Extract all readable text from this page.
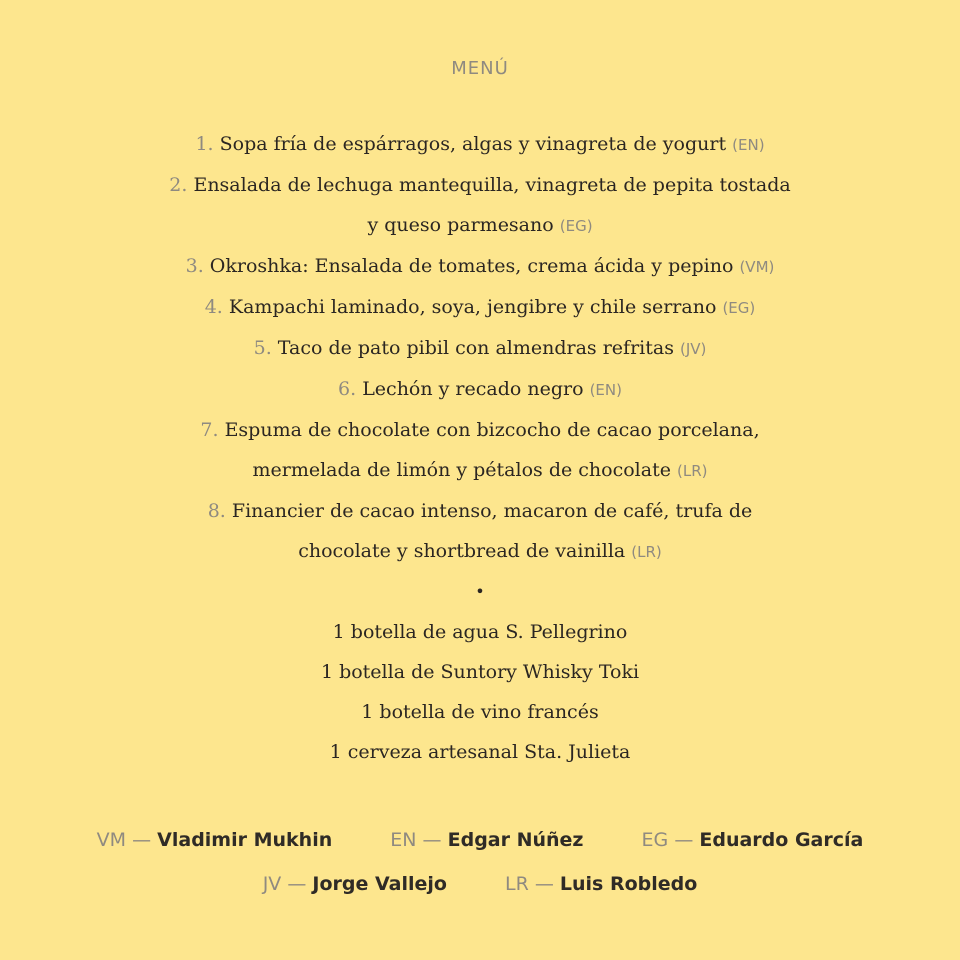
MENÚ
1. Sopa fría de espárragos, algas y vinagreta de yogurt (EN)
2. Ensalada de lechuga mantequilla, vinagreta de pepita tostada
y queso parmesano (EG)
3. Okroshka: Ensalada de tomates, crema ácida y pepino (VM)
4. Kampachi laminado, soya, jengibre y chile serrano (EG)
5. Taco de pato pibil con almendras refritas (JV)
6. Lechón y recado negro (EN)
7. Espuma de chocolate con bizcocho de cacao porcelana,
mermelada de limón y pétalos de chocolate (LR)
8. Financier de cacao intenso, macaron de café, trufa de
chocolate y shortbread de vainilla (LR)
•
1 botella de agua S. Pellegrino
1 botella de Suntory Whisky Toki
1 botella de vino francés
1 cerveza artesanal Sta. Julieta
VM — Vladimir Mukhin	EN — Edgar Núñez	EG — Eduardo García
JV — Jorge Vallejo	LR — Luis Robledo
